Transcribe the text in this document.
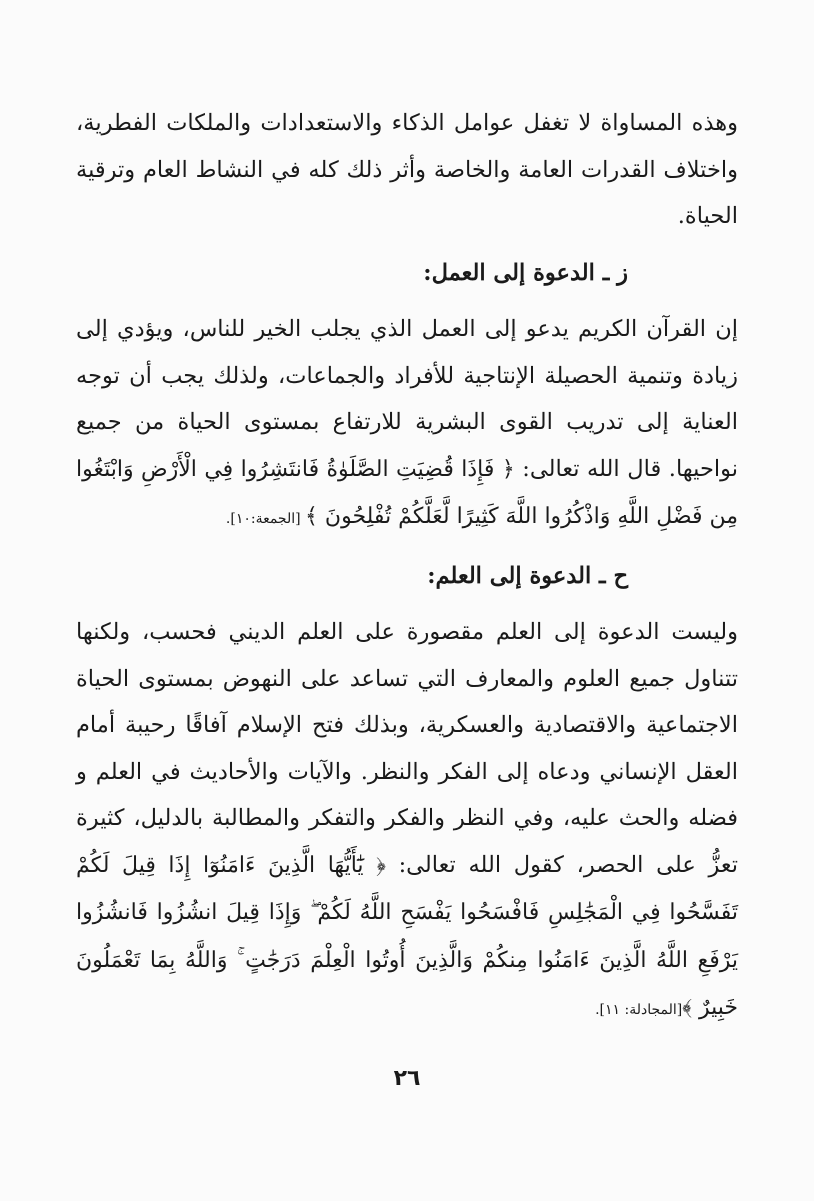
وهذه المساواة لا تغفل عوامل الذكاء والاستعدادات والملكات الفطرية، واختلاف القدرات العامة والخاصة وأثر ذلك كله في النشاط العام وترقية الحياة.

ز ـ الدعوة إلى العمل:

إن القرآن الكريم يدعو إلى العمل الذي يجلب الخير للناس، ويؤدي إلى زيادة وتنمية الحصيلة الإنتاجية للأفراد والجماعات، ولذلك يجب أن توجه العناية إلى تدريب القوى البشرية للارتفاع بمستوى الحياة من جميع نواحيها. قال الله تعالى: ﴿ فَإِذَا قُضِيَتِ الصَّلَوٰةُ فَانتَشِرُوا فِي الْأَرْضِ وَابْتَغُوا مِن فَضْلِ اللَّهِ وَاذْكُرُوا اللَّهَ كَثِيرًا لَّعَلَّكُمْ تُفْلِحُونَ ﴾ [الجمعة:١٠].

ح ـ الدعوة إلى العلم:

وليست الدعوة إلى العلم مقصورة على العلم الديني فحسب، ولكنها تتناول جميع العلوم والمعارف التي تساعد على النهوض بمستوى الحياة الاجتماعية والاقتصادية والعسكرية، وبذلك فتح الإسلام آفاقًا رحيبة أمام العقل الإنساني ودعاه إلى الفكر والنظر. والآيات والأحاديث في العلم و فضله والحث عليه، وفي النظر والفكر والتفكر والمطالبة بالدليل، كثيرة تعزُّ على الحصر، كقول الله تعالى: ﴿ يَٰٓأَيُّهَا الَّذِينَ ءَامَنُوٓا إِذَا قِيلَ لَكُمْ تَفَسَّحُوا فِي الْمَجَٰلِسِ فَافْسَحُوا يَفْسَحِ اللَّهُ لَكُمْ ۖ وَإِذَا قِيلَ انشُزُوا فَانشُزُوا يَرْفَعِ اللَّهُ الَّذِينَ ءَامَنُوا مِنكُمْ وَالَّذِينَ أُوتُوا الْعِلْمَ دَرَجَٰتٍ ۚ وَاللَّهُ بِمَا تَعْمَلُونَ خَبِيرٌ ﴾[المجادلة: ١١].

٢٦
